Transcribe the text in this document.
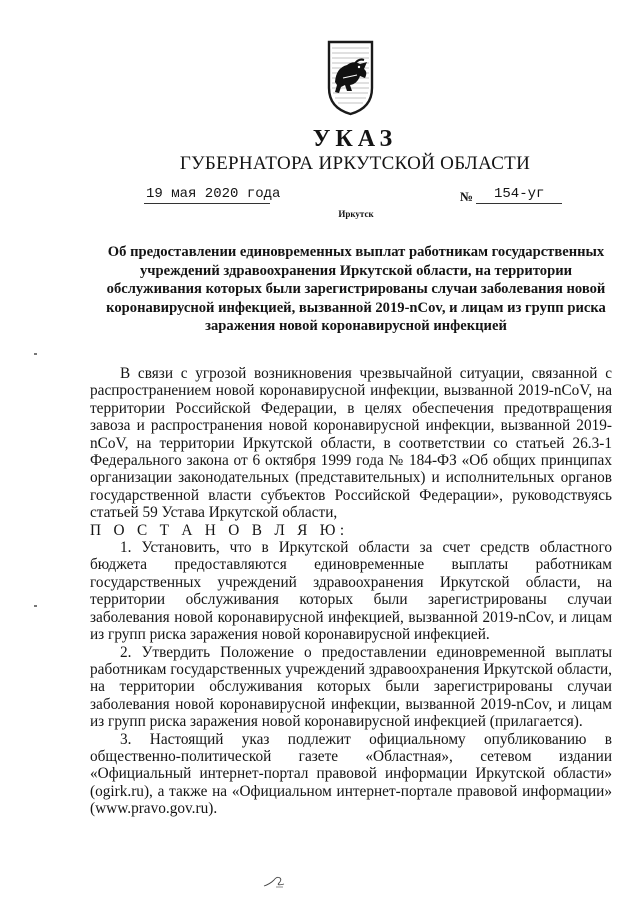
УКАЗ
ГУБЕРНАТОРА ИРКУТСКОЙ ОБЛАСТИ
19 мая 2020 года	№ 154-уг
Иркутск
Об предоставлении единовременных выплат работникам государственных учреждений здравоохранения Иркутской области, на территории обслуживания которых были зарегистрированы случаи заболевания новой коронавирусной инфекцией, вызванной 2019-nCov, и лицам из групп риска заражения новой коронавирусной инфекцией

В связи с угрозой возникновения чрезвычайной ситуации, связанной с распространением новой коронавирусной инфекции, вызванной 2019-nCoV, на территории Российской Федерации, в целях обеспечения предотвращения завоза и распространения новой коронавирусной инфекции, вызванной 2019-nCoV, на территории Иркутской области, в соответствии со статьей 26.3-1 Федерального закона от 6 октября 1999 года № 184-ФЗ «Об общих принципах организации законодательных (представительных) и исполнительных органов государственной власти субъектов Российской Федерации», руководствуясь статьей 59 Устава Иркутской области,

П О С Т А Н О В Л Я Ю:

1. Установить, что в Иркутской области за счет средств областного бюджета предоставляются единовременные выплаты работникам государственных учреждений здравоохранения Иркутской области, на территории обслуживания которых были зарегистрированы случаи заболевания новой коронавирусной инфекцией, вызванной 2019-nCov, и лицам из групп риска заражения новой коронавирусной инфекцией.

2. Утвердить Положение о предоставлении единовременной выплаты работникам государственных учреждений здравоохранения Иркутской области, на территории обслуживания которых были зарегистрированы случаи заболевания новой коронавирусной инфекции, вызванной 2019-nCov, и лицам из групп риска заражения новой коронавирусной инфекцией (прилагается).

3. Настоящий указ подлежит официальному опубликованию в общественно-политической газете «Областная», сетевом издании «Официальный интернет-портал правовой информации Иркутской области» (ogirk.ru), а также на «Официальном интернет-портале правовой информации» (www.pravo.gov.ru).
